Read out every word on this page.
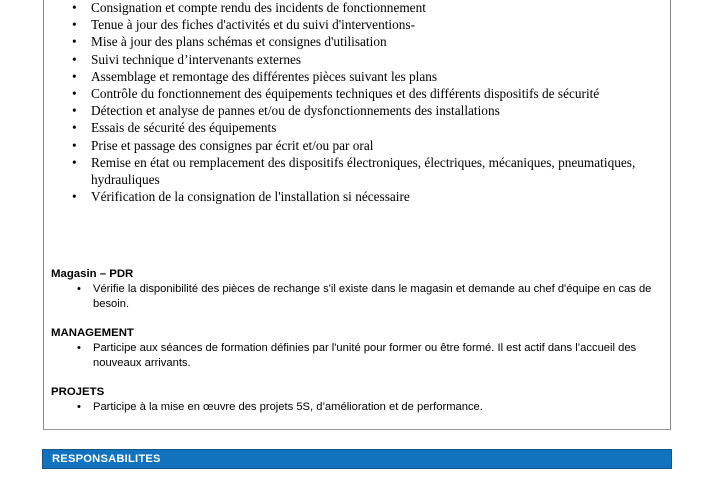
• Consignation et compte rendu des incidents de fonctionnement
• Tenue à jour des fiches d'activités et du suivi d'interventions-
• Mise à jour des plans schémas et consignes d'utilisation
• Suivi technique d’intervenants externes
• Assemblage et remontage des différentes pièces suivant les plans
• Contrôle du fonctionnement des équipements techniques et des différents dispositifs de sécurité
• Détection et analyse de pannes et/ou de dysfonctionnements des installations
• Essais de sécurité des équipements
• Prise et passage des consignes par écrit et/ou par oral
• Remise en état ou remplacement des dispositifs électroniques, électriques, mécaniques, pneumatiques, hydrauliques
• Vérification de la consignation de l'installation si nécessaire
Magasin – PDR
• Vérifie la disponibilité des pièces de rechange s'il existe dans le magasin et demande au chef d'équipe en cas de besoin.
MANAGEMENT
• Participe aux séances de formation définies par l'unité pour former ou être formé. Il est actif dans l’accueil des nouveaux arrivants.
PROJETS
• Participe à la mise en œuvre des projets 5S, d’amélioration et de performance.
RESPONSABILITES
